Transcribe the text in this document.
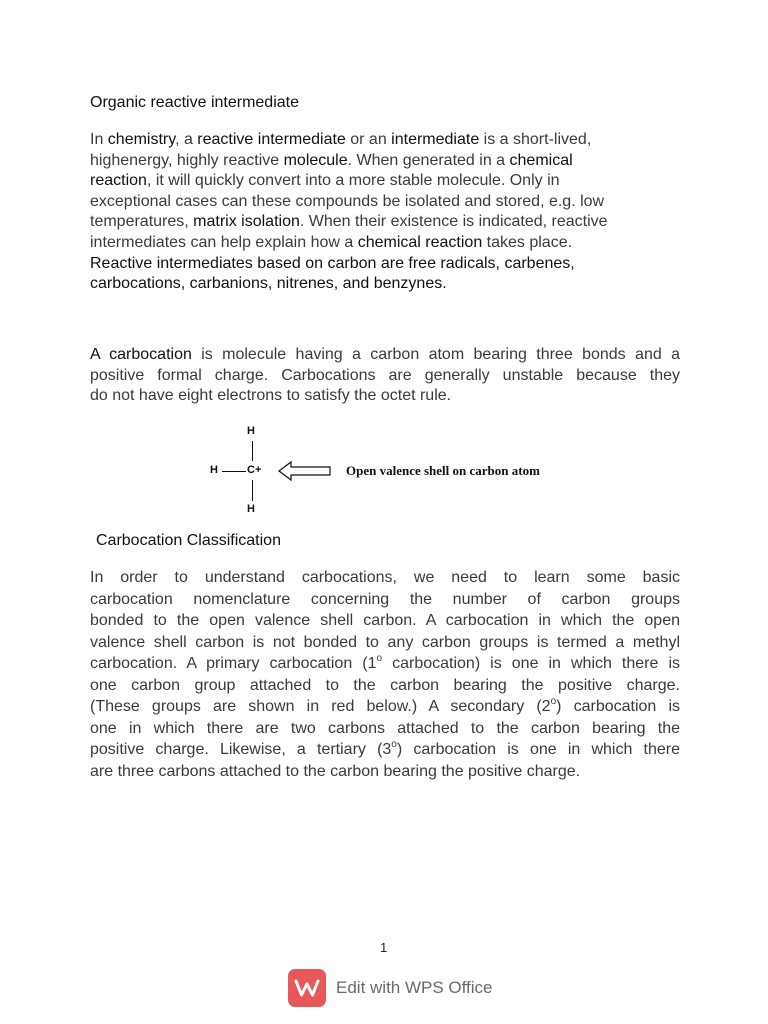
Organic reactive intermediate
In chemistry, a reactive intermediate or an intermediate is a short-lived,
highenergy, highly reactive molecule. When generated in a chemical
reaction, it will quickly convert into a more stable molecule. Only in
exceptional cases can these compounds be isolated and stored, e.g. low
temperatures, matrix isolation. When their existence is indicated, reactive
intermediates can help explain how a chemical reaction takes place.
Reactive intermediates based on carbon are free radicals, carbenes,
carbocations, carbanions, nitrenes, and benzynes.
A carbocation is molecule having a carbon atom bearing three bonds and a
positive formal charge. Carbocations are generally unstable because they
do not have eight electrons to satisfy the octet rule.
H
H	C+
H
Open valence shell on carbon atom
Carbocation Classification
In order to understand carbocations, we need to learn some basic
carbocation nomenclature concerning the number of carbon groups
bonded to the open valence shell carbon. A carbocation in which the open
valence shell carbon is not bonded to any carbon groups is termed a methyl
carbocation. A primary carbocation (1$^o$ carbocation) is one in which there is
one carbon group attached to the carbon bearing the positive charge.
(These groups are shown in red below.) A secondary (2$^o$) carbocation is
one in which there are two carbons attached to the carbon bearing the
positive charge. Likewise, a tertiary (3$^o$) carbocation is one in which there
are three carbons attached to the carbon bearing the positive charge.
1
Edit with WPS Office
